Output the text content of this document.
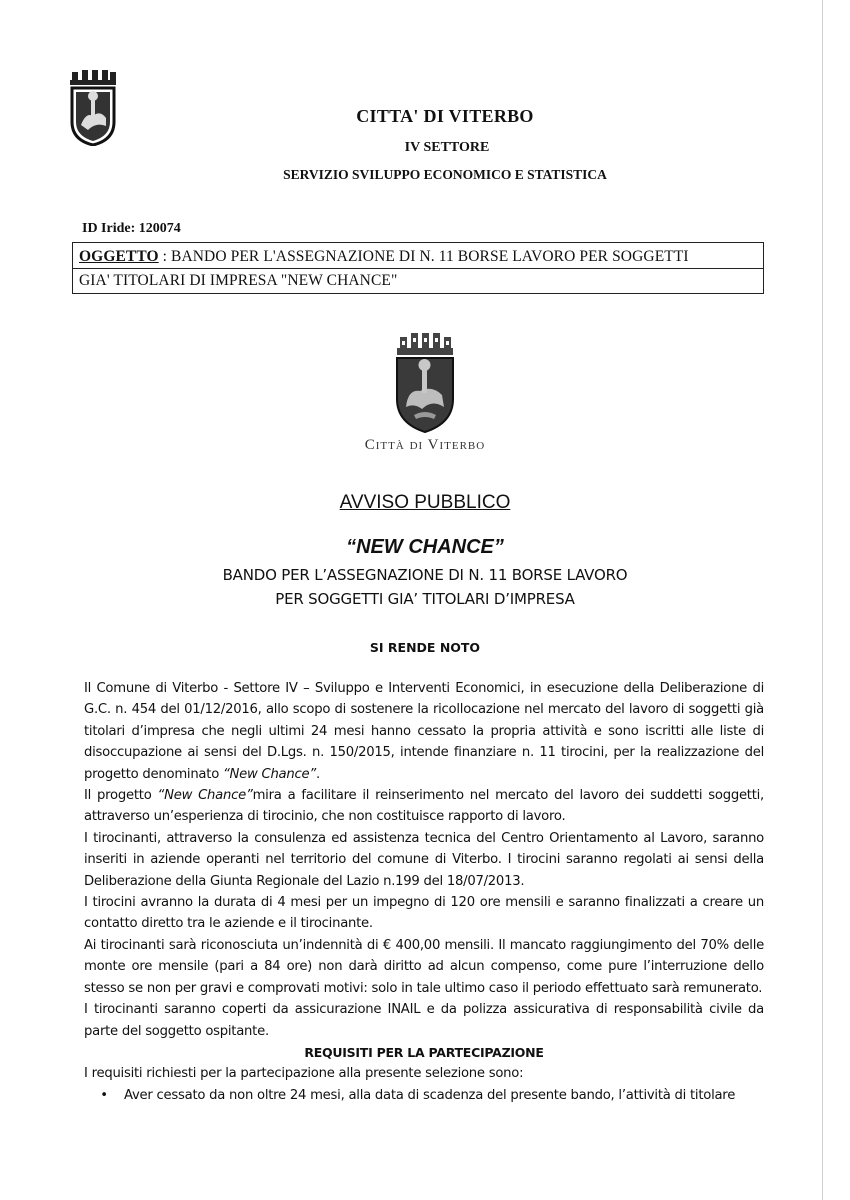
CITTA' DI VITERBO
IV SETTORE
SERVIZIO SVILUPPO ECONOMICO E STATISTICA
ID Iride: 120074
OGGETTO : BANDO PER L'ASSEGNAZIONE DI N. 11 BORSE LAVORO PER SOGGETTI
GIA' TITOLARI DI IMPRESA "NEW CHANCE"
Città di Viterbo
AVVISO PUBBLICO
“NEW CHANCE”
BANDO PER L’ASSEGNAZIONE DI N. 11 BORSE LAVORO
PER SOGGETTI GIA’ TITOLARI D’IMPRESA
SI RENDE NOTO

Il Comune di Viterbo - Settore IV – Sviluppo e Interventi Economici, in esecuzione della Deliberazione di G.C. n. 454 del 01/12/2016, allo scopo di sostenere la ricollocazione nel mercato del lavoro di soggetti già titolari d’impresa che negli ultimi 24 mesi hanno cessato la propria attività e sono iscritti alle liste di disoccupazione ai sensi del D.Lgs. n. 150/2015, intende finanziare n. 11 tirocini, per la realizzazione del progetto denominato “New Chance”.

Il progetto “New Chance”mira a facilitare il reinserimento nel mercato del lavoro dei suddetti soggetti, attraverso un’esperienza di tirocinio, che non costituisce rapporto di lavoro.

I tirocinanti, attraverso la consulenza ed assistenza tecnica del Centro Orientamento al Lavoro, saranno inseriti in aziende operanti nel territorio del comune di Viterbo. I tirocini saranno regolati ai sensi della Deliberazione della Giunta Regionale del Lazio n.199 del 18/07/2013.

I tirocini avranno la durata di 4 mesi per un impegno di 120 ore mensili e saranno finalizzati a creare un contatto diretto tra le aziende e il tirocinante.

Ai tirocinanti sarà riconosciuta un’indennità di € 400,00 mensili. Il mancato raggiungimento del 70% delle monte ore mensile (pari a 84 ore) non darà diritto ad alcun compenso, come pure l’interruzione dello stesso se non per gravi e comprovati motivi: solo in tale ultimo caso il periodo effettuato sarà remunerato.

I tirocinanti saranno coperti da assicurazione INAIL e da polizza assicurativa di responsabilità civile da parte del soggetto ospitante.

REQUISITI PER LA PARTECIPAZIONE

I requisiti richiesti per la partecipazione alla presente selezione sono:

•	Aver cessato da non oltre 24 mesi, alla data di scadenza del presente bando, l’attività di titolare
